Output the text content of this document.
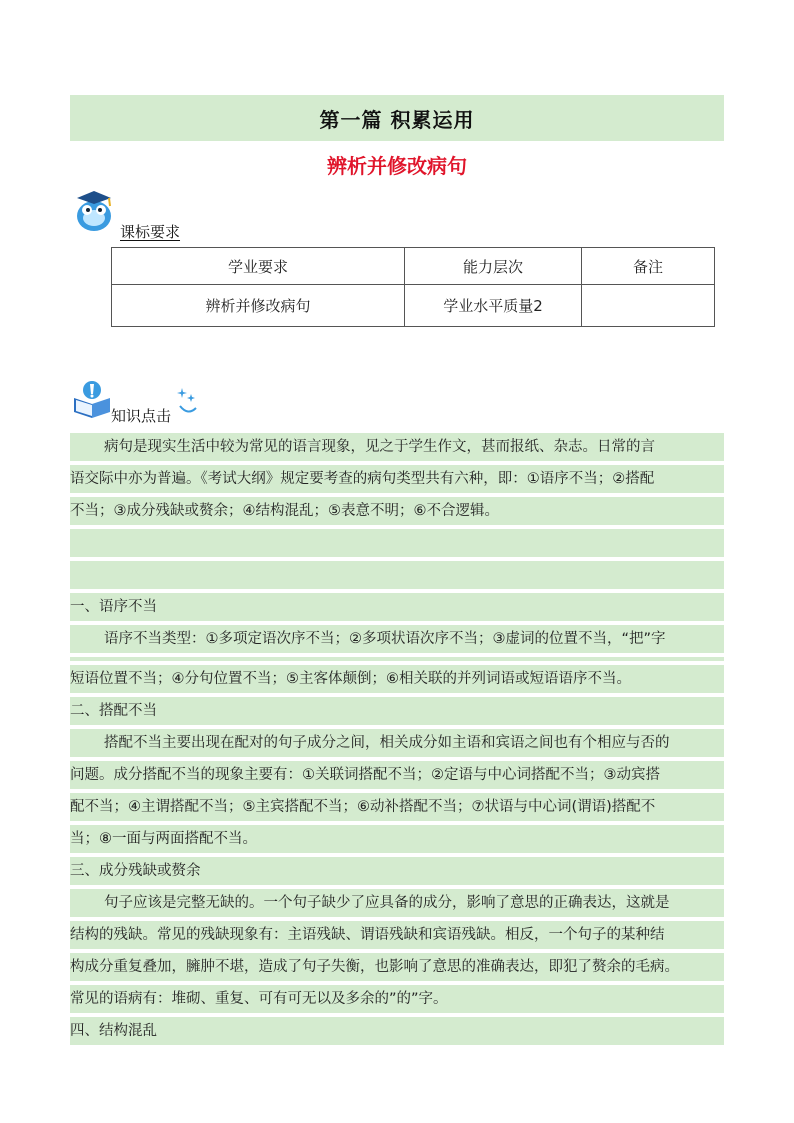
第一篇 积累运用
辨析并修改病句
课标要求
学业要求	能力层次	备注
辨析并修改病句	学业水平质量2	
知识点击
病句是现实生活中较为常见的语言现象，见之于学生作文，甚而报纸、杂志。日常的言
语交际中亦为普遍。《考试大纲》规定要考查的病句类型共有六种，即：①语序不当；②搭配
不当；③成分残缺或赘余；④结构混乱；⑤表意不明；⑥不合逻辑。
一、语序不当
语序不当类型：①多项定语次序不当；②多项状语次序不当；③虚词的位置不当，“把”字
短语位置不当；④分句位置不当；⑤主客体颠倒；⑥相关联的并列词语或短语语序不当。
二、搭配不当
搭配不当主要出现在配对的句子成分之间，相关成分如主语和宾语之间也有个相应与否的
问题。成分搭配不当的现象主要有：①关联词搭配不当；②定语与中心词搭配不当；③动宾搭
配不当；④主谓搭配不当；⑤主宾搭配不当；⑥动补搭配不当；⑦状语与中心词(谓语)搭配不
当；⑧一面与两面搭配不当。
三、成分残缺或赘余
句子应该是完整无缺的。一个句子缺少了应具备的成分，影响了意思的正确表达，这就是
结构的残缺。常见的残缺现象有：主语残缺、谓语残缺和宾语残缺。相反，一个句子的某种结
构成分重复叠加，臃肿不堪，造成了句子失衡，也影响了意思的准确表达，即犯了赘余的毛病。
常见的语病有：堆砌、重复、可有可无以及多余的”的”字。
四、结构混乱
